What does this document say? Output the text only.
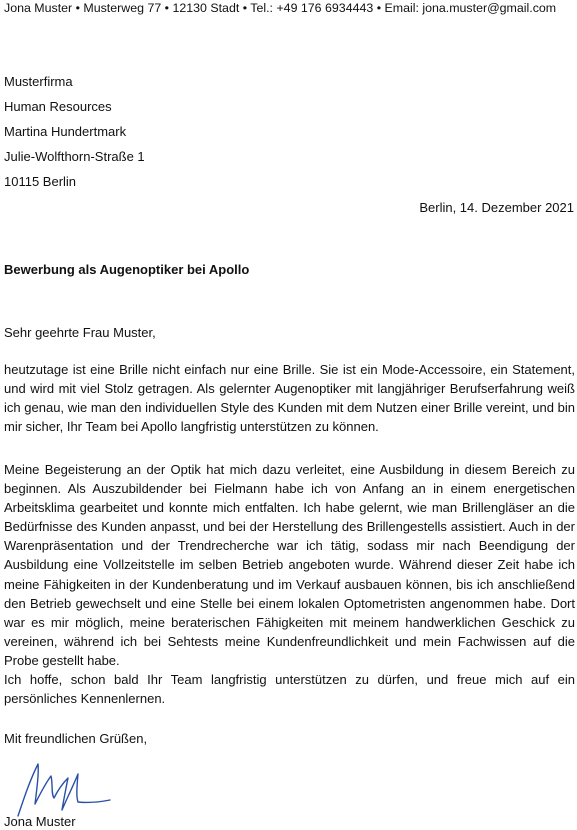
Jona Muster • Musterweg 77 • 12130 Stadt • Tel.: +49 176 6934443 • Email: jona.muster@gmail.com
Musterfirma
Human Resources
Martina Hundertmark
Julie-Wolfthorn-Straße 1
10115 Berlin
Berlin, 14. Dezember 2021
Bewerbung als Augenoptiker bei Apollo
Sehr geehrte Frau Muster,
heutzutage ist eine Brille nicht einfach nur eine Brille. Sie ist ein Mode-Accessoire, ein Statement, und wird mit viel Stolz getragen. Als gelernter Augenoptiker mit langjähriger Berufserfahrung weiß ich genau, wie man den individuellen Style des Kunden mit dem Nutzen einer Brille vereint, und bin mir sicher, Ihr Team bei Apollo langfristig unterstützen zu können.
Meine Begeisterung an der Optik hat mich dazu verleitet, eine Ausbildung in diesem Bereich zu beginnen. Als Auszubildender bei Fielmann habe ich von Anfang an in einem energetischen Arbeitsklima gearbeitet und konnte mich entfalten. Ich habe gelernt, wie man Brillengläser an die Bedürfnisse des Kunden anpasst, und bei der Herstellung des Brillengestells assistiert. Auch in der Warenpräsentation und der Trendrecherche war ich tätig, sodass mir nach Beendigung der Ausbildung eine Vollzeitstelle im selben Betrieb angeboten wurde. Während dieser Zeit habe ich meine Fähigkeiten in der Kundenberatung und im Verkauf ausbauen können, bis ich anschließend den Betrieb gewechselt und eine Stelle bei einem lokalen Optometristen angenommen habe. Dort war es mir möglich, meine beraterischen Fähigkeiten mit meinem handwerklichen Geschick zu vereinen, während ich bei Sehtests meine Kundenfreundlichkeit und mein Fachwissen auf die Probe gestellt habe.
Ich hoffe, schon bald Ihr Team langfristig unterstützen zu dürfen, und freue mich auf ein persönliches Kennenlernen.
Mit freundlichen Grüßen,
Jona Muster
